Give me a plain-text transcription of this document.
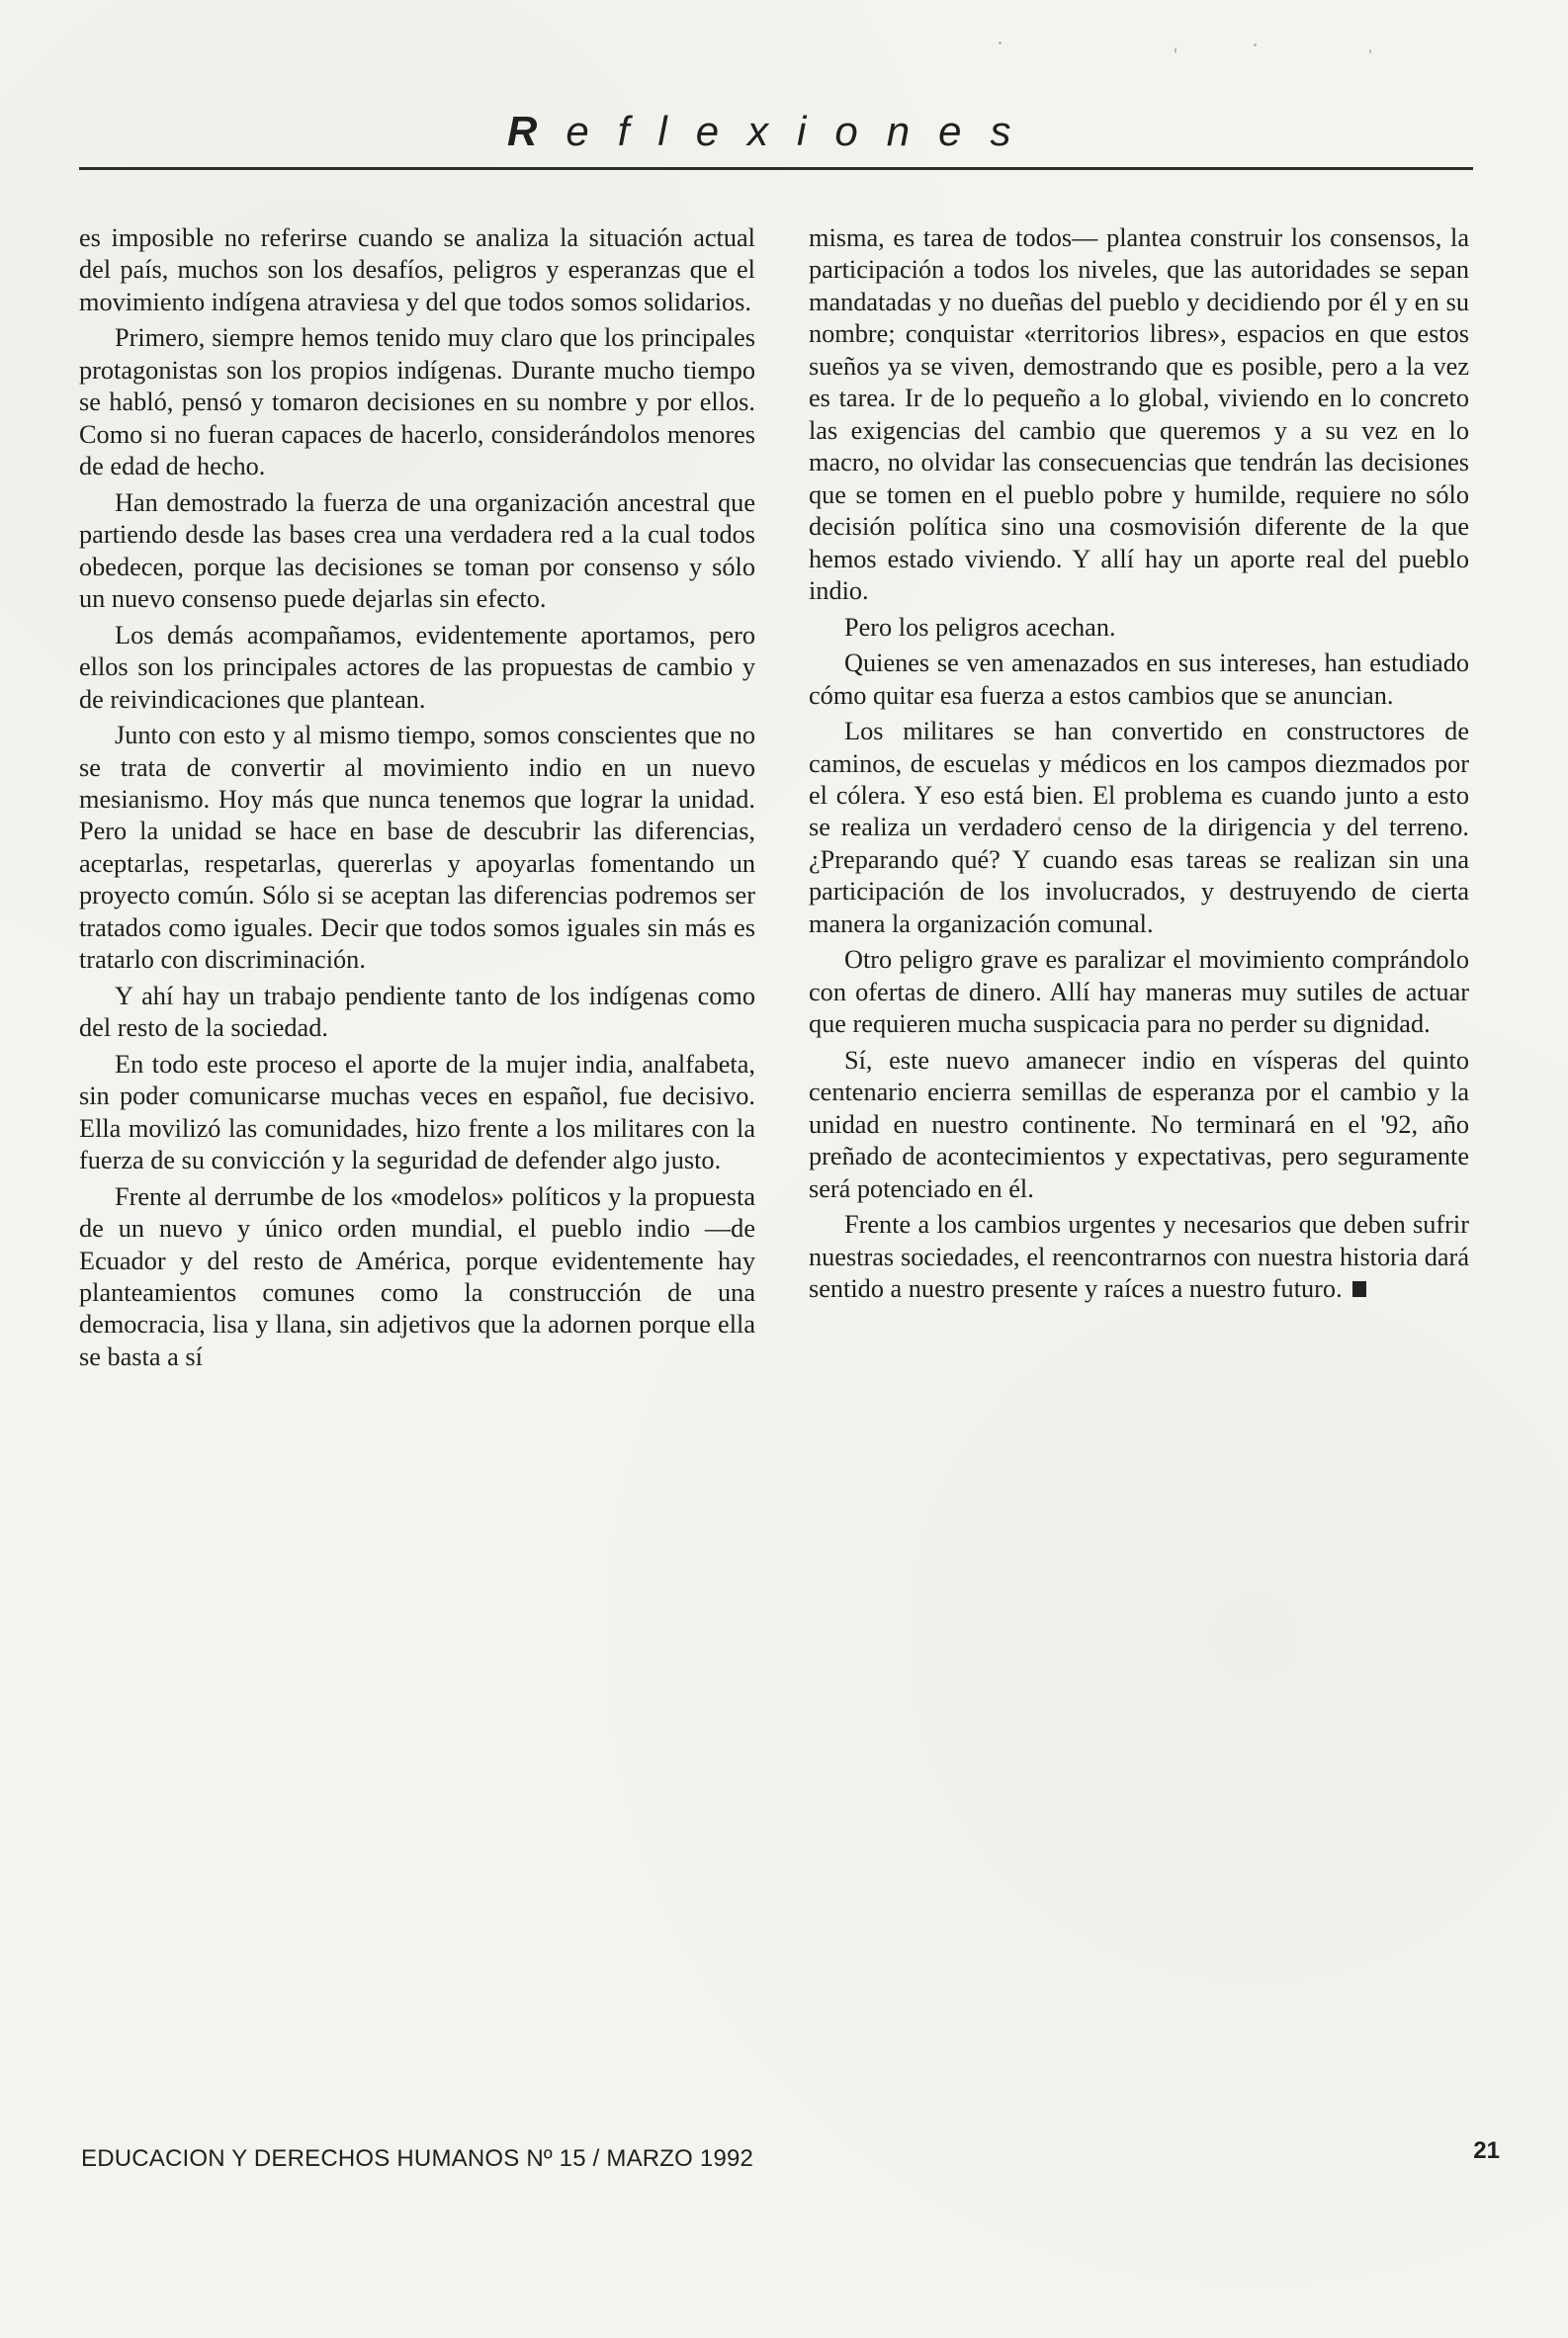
Reflexiones

es imposible no referirse cuando se analiza la situación actual del país, muchos son los desafíos, peligros y esperanzas que el movimiento indígena atraviesa y del que todos somos solidarios.

Primero, siempre hemos tenido muy claro que los principales protagonistas son los propios indígenas. Durante mucho tiempo se habló, pensó y tomaron decisiones en su nombre y por ellos. Como si no fueran capaces de hacerlo, considerándolos menores de edad de hecho.

Han demostrado la fuerza de una organización ancestral que partiendo desde las bases crea una verdadera red a la cual todos obedecen, porque las decisiones se toman por consenso y sólo un nuevo consenso puede dejarlas sin efecto.

Los demás acompañamos, evidentemente aportamos, pero ellos son los principales actores de las propuestas de cambio y de reivindicaciones que plantean.

Junto con esto y al mismo tiempo, somos conscientes que no se trata de convertir al movimiento indio en un nuevo mesianismo. Hoy más que nunca tenemos que lograr la unidad. Pero la unidad se hace en base de descubrir las diferencias, aceptarlas, respetarlas, quererlas y apoyarlas fomentando un proyecto común. Sólo si se aceptan las diferencias podremos ser tratados como iguales. Decir que todos somos iguales sin más es tratarlo con discriminación.

Y ahí hay un trabajo pendiente tanto de los indígenas como del resto de la sociedad.

En todo este proceso el aporte de la mujer india, analfabeta, sin poder comunicarse muchas veces en español, fue decisivo. Ella movilizó las comunidades, hizo frente a los militares con la fuerza de su convicción y la seguridad de defender algo justo.

Frente al derrumbe de los «modelos» políticos y la propuesta de un nuevo y único orden mundial, el pueblo indio —de Ecuador y del resto de América, porque evidentemente hay planteamientos comunes como la construcción de una democracia, lisa y llana, sin adjetivos que la adornen porque ella se basta a sí

misma, es tarea de todos— plantea construir los consensos, la participación a todos los niveles, que las autoridades se sepan mandatadas y no dueñas del pueblo y decidiendo por él y en su nombre; conquistar «territorios libres», espacios en que estos sueños ya se viven, demostrando que es posible, pero a la vez es tarea. Ir de lo pequeño a lo global, viviendo en lo concreto las exigencias del cambio que queremos y a su vez en lo macro, no olvidar las consecuencias que tendrán las decisiones que se tomen en el pueblo pobre y humilde, requiere no sólo decisión política sino una cosmovisión diferente de la que hemos estado viviendo. Y allí hay un aporte real del pueblo indio.

Pero los peligros acechan.

Quienes se ven amenazados en sus intereses, han estudiado cómo quitar esa fuerza a estos cambios que se anuncian.

Los militares se han convertido en constructores de caminos, de escuelas y médicos en los campos diezmados por el cólera. Y eso está bien. El problema es cuando junto a esto se realiza un verdadero censo de la dirigencia y del terreno. ¿Preparando qué? Y cuando esas tareas se realizan sin una participación de los involucrados, y destruyendo de cierta manera la organización comunal.

Otro peligro grave es paralizar el movimiento comprándolo con ofertas de dinero. Allí hay maneras muy sutiles de actuar que requieren mucha suspicacia para no perder su dignidad.

Sí, este nuevo amanecer indio en vísperas del quinto centenario encierra semillas de esperanza por el cambio y la unidad en nuestro continente. No terminará en el '92, año preñado de acontecimientos y expectativas, pero seguramente será potenciado en él.

Frente a los cambios urgentes y necesarios que deben sufrir nuestras sociedades, el reencontrarnos con nuestra historia dará sentido a nuestro presente y raíces a nuestro futuro.

EDUCACION Y DERECHOS HUMANOS Nº 15 / MARZO 1992	21
